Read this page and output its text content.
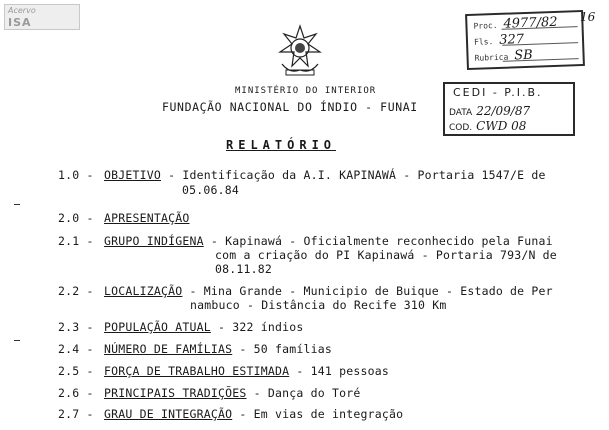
Acervo
ISA
MINISTÉRIO DO INTERIOR
FUNDAÇÃO NACIONAL DO ÍNDIO - FUNAI
Proc. 4977/82
Fls. 327
Rubrica SB
16
CEDI - P.I.B.
DATA 22/09/87
COD. CWD 08
RELATÓRIO
1.0 - OBJETIVO - Identificação da A.I. KAPINAWÁ - Portaria 1547/E de
05.06.84
2.0 - APRESENTAÇÃO
2.1 - GRUPO INDÍGENA - Kapinawá - Oficialmente reconhecido pela Funai
com a criação do PI Kapinawá - Portaria 793/N de
08.11.82
2.2 - LOCALIZAÇÃO - Mina Grande - Municipio de Buique - Estado de Per
nambuco - Distância do Recife 310 Km
2.3 - POPULAÇÃO ATUAL - 322 índios
2.4 - NÚMERO DE FAMÍLIAS - 50 famílias
2.5 - FORÇA DE TRABALHO ESTIMADA - 141 pessoas
2.6 - PRINCIPAIS TRADIÇÕES - Dança do Toré
2.7 - GRAU DE INTEGRAÇÃO - Em vias de integração
